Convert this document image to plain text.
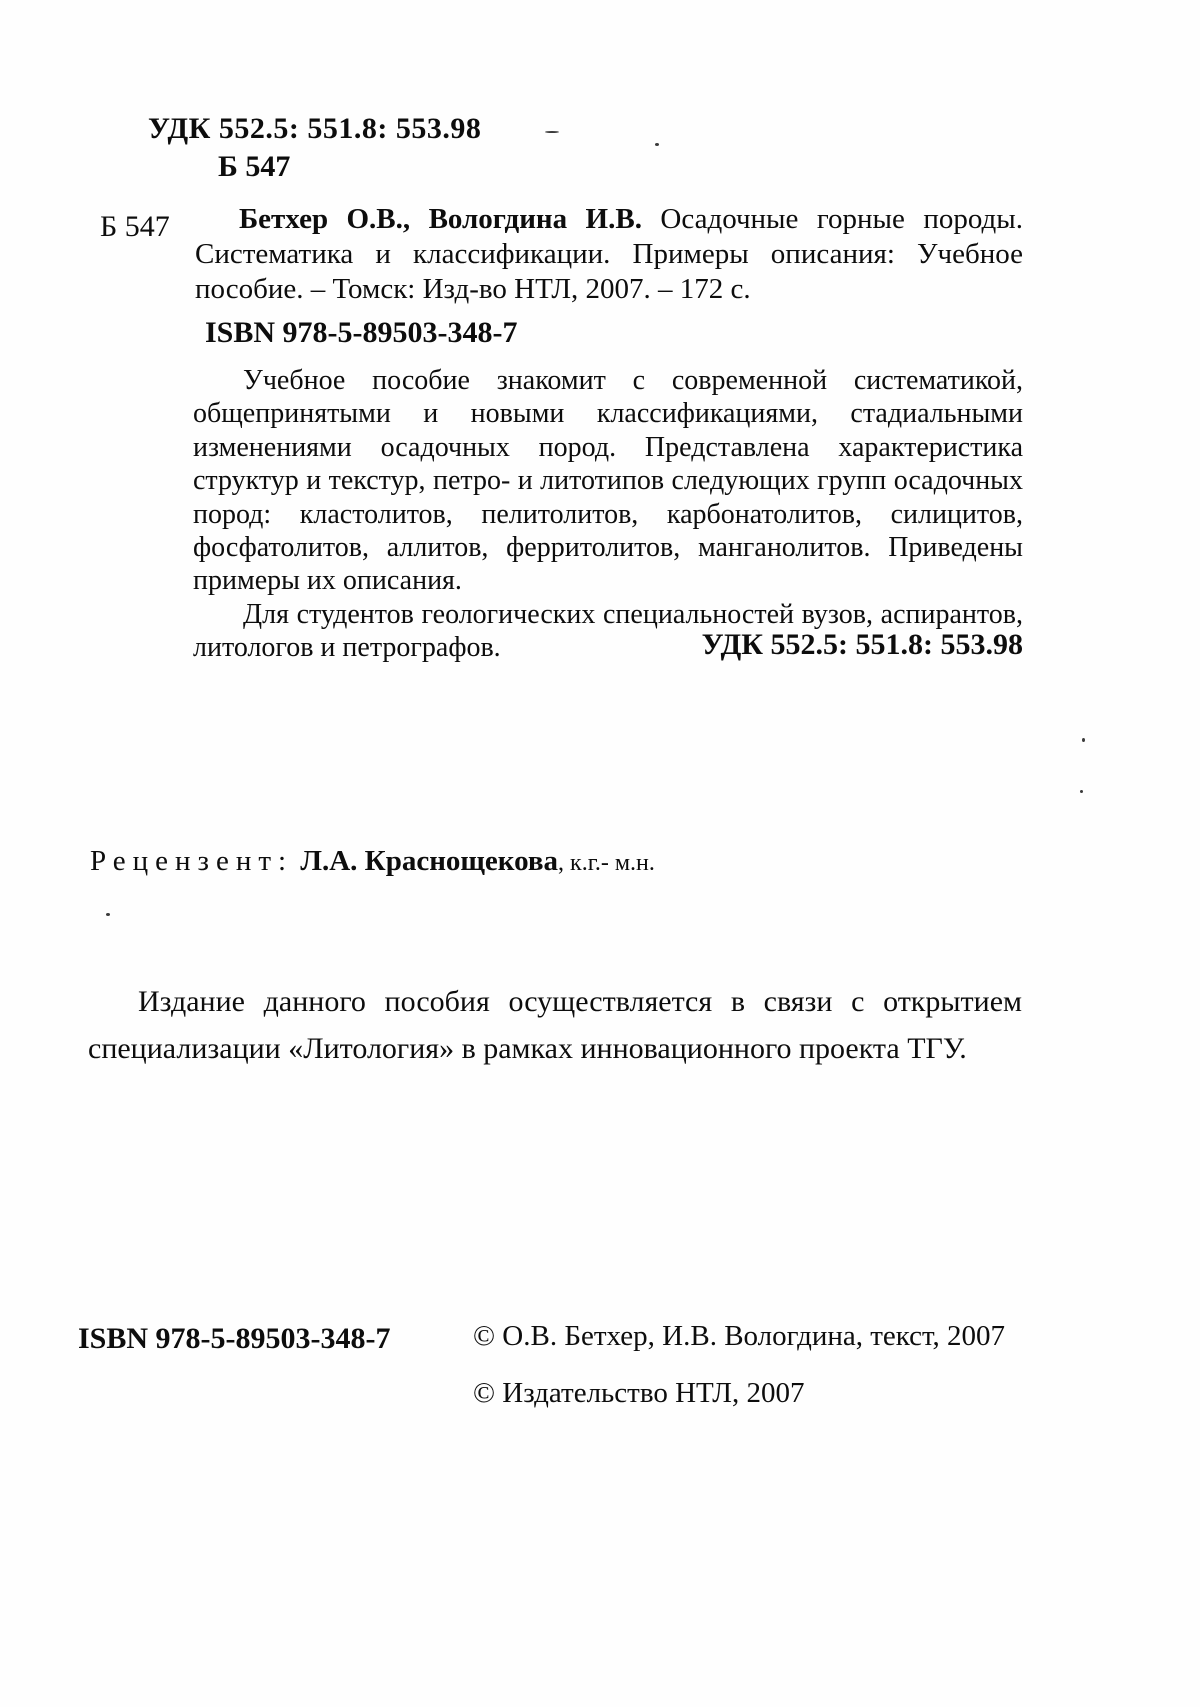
УДК 552.5: 551.8: 553.98
Б 547
Б 547	Бетхер О.В., Вологдина И.В. Осадочные горные породы. Систематика и классификации. Примеры описания: Учебное пособие. – Томск: Изд-во НТЛ, 2007. – 172 с.
ISBN 978-5-89503-348-7

Учебное пособие знакомит с современной систематикой, общепринятыми и новыми классификациями, стадиальными изменениями осадочных пород. Представлена характеристика структур и текстур, петро- и литотипов следующих групп осадочных пород: кластолитов, пелитолитов, карбонатолитов, силицитов, фосфатолитов, аллитов, ферритолитов, манганолитов. Приведены примеры их описания.

Для студентов геологических специальностей вузов, аспирантов, литологов и петрографов.	УДК 552.5: 551.8: 553.98
Рецензент: Л.А. Краснощекова, к.г.- м.н.
Издание данного пособия осуществляется в связи с открытием специализации «Литология» в рамках инновационного проекта ТГУ.
ISBN 978-5-89503-348-7	© О.В. Бетхер, И.В. Вологдина, текст, 2007
© Издательство НТЛ, 2007
